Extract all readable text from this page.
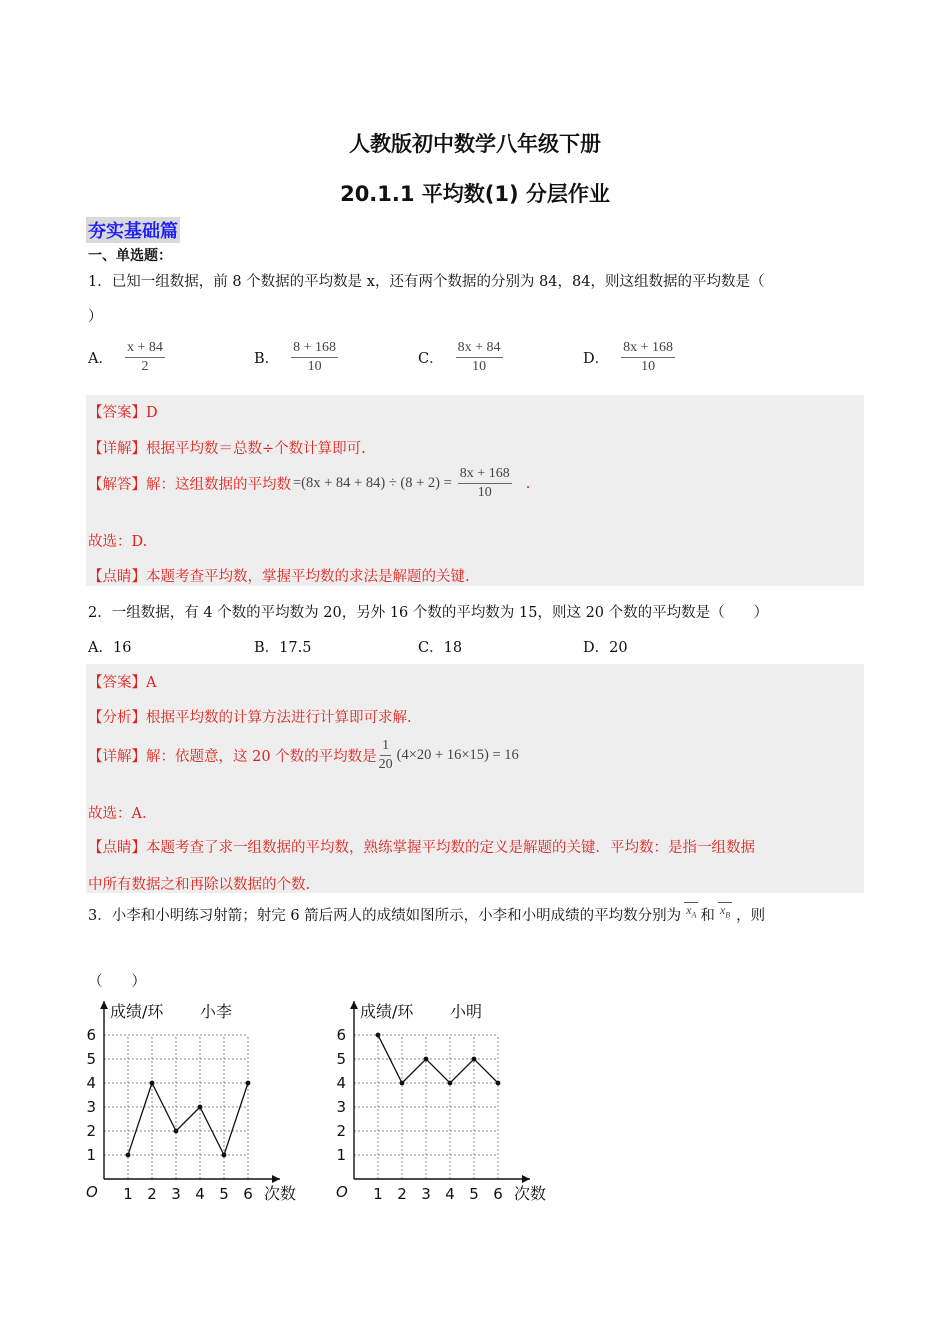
人教版初中数学八年级下册
20.1.1 平均数(1) 分层作业
夯实基础篇
一、单选题：
1．已知一组数据，前 8 个数据的平均数是 x，还有两个数据的分别为 84，84，则这组数据的平均数是（
）
A． $\frac{x + 84}{2}$	B． $\frac{8 + 168}{10}$	C． $\frac{8x + 84}{10}$	D． $\frac{8x + 168}{10}$
【答案】D
【详解】根据平均数＝总数÷个数计算即可.
【解答】解：这组数据的平均数 $=(8x + 84 + 84) \div (8 + 2) = \frac{8x + 168}{10}$ .
故选：D.
【点睛】本题考查平均数，掌握平均数的求法是解题的关键.
2．一组数据，有 4 个数的平均数为 20，另外 16 个数的平均数为 15，则这 20 个数的平均数是（　　）
A．16	B．17.5	C．18	D．20
【答案】A
【分析】根据平均数的计算方法进行计算即可求解.
【详解】解：依题意，这 20 个数的平均数是 $\frac{1}{20} (4\times 20 + 16\times 15) = 16$
故选：A.
【点睛】本题考查了求一组数据的平均数，熟练掌握平均数的定义是解题的关键．平均数：是指一组数据
中所有数据之和再除以数据的个数.
3．小李和小明练习射箭；射完 6 箭后两人的成绩如图所示，小李和小明成绩的平均数分别为 $x_A$ 和 $x_B$ ，则
（　　）
1 2 3 4 5 6
1
2
3
4
5
6
O	次数
成绩/环 小李
1 2 3 4 5 6
1
2
3
4
5
6
O	次数
成绩/环 小明
